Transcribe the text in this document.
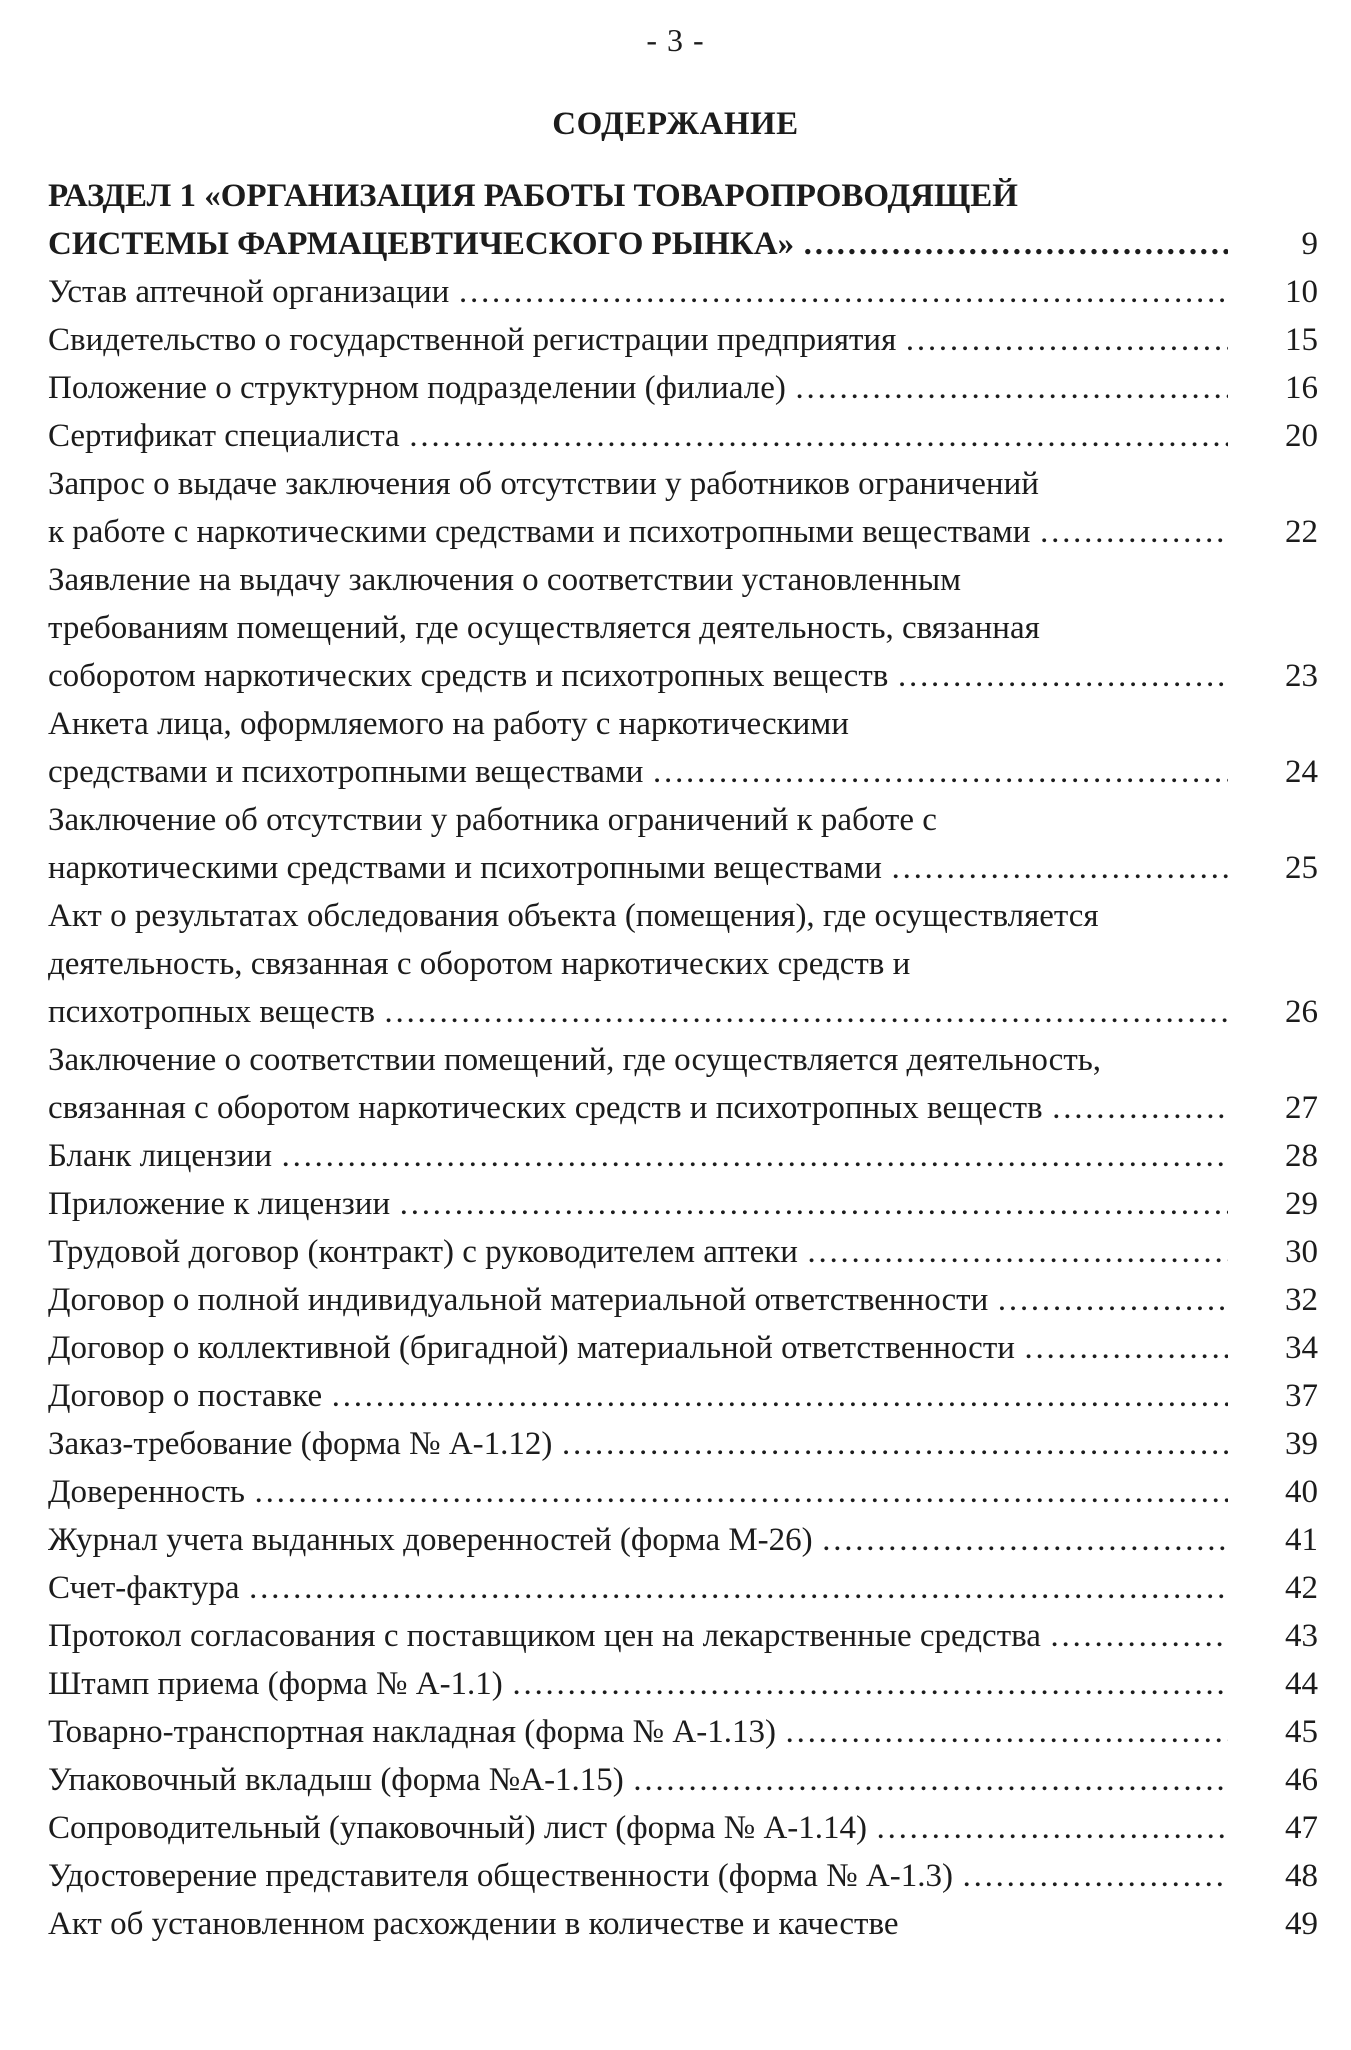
- 3 -
СОДЕРЖАНИЕ
РАЗДЕЛ 1 «ОРГАНИЗАЦИЯ РАБОТЫ ТОВАРОПРОВОДЯЩЕЙ
СИСТЕМЫ ФАРМАЦЕВТИЧЕСКОГО РЫНКА» ……………………………………………………………………………………………………………………………………………………………………	9
Устав аптечной организации ……………………………………………………………………………………………………………………………………………………………………	10
Свидетельство о государственной регистрации предприятия ……………………………………………………………………………………………………………………………………………………………………	15
Положение о структурном подразделении (филиале) ……………………………………………………………………………………………………………………………………………………………………	16
Сертификат специалиста ……………………………………………………………………………………………………………………………………………………………………	20
Запрос о выдаче заключения об отсутствии у работников ограничений
к работе с наркотическими средствами и психотропными веществами ……………………………………………………………………………………………………………………………………………………………………	22
Заявление на выдачу заключения о соответствии установленным
требованиям помещений, где осуществляется деятельность, связанная
соборотом наркотических средств и психотропных веществ ……………………………………………………………………………………………………………………………………………………………………	23
Анкета лица, оформляемого на работу с наркотическими
средствами и психотропными веществами ……………………………………………………………………………………………………………………………………………………………………	24
Заключение об отсутствии у работника ограничений к работе с
наркотическими средствами и психотропными веществами ……………………………………………………………………………………………………………………………………………………………………	25
Акт о результатах обследования объекта (помещения), где осуществляется
деятельность, связанная с оборотом наркотических средств и
психотропных веществ ……………………………………………………………………………………………………………………………………………………………………	26
Заключение о соответствии помещений, где осуществляется деятельность,
связанная с оборотом наркотических средств и психотропных веществ ……………………………………………………………………………………………………………………………………………………………………	27
Бланк лицензии ……………………………………………………………………………………………………………………………………………………………………	28
Приложение к лицензии ……………………………………………………………………………………………………………………………………………………………………	29
Трудовой договор (контракт) с руководителем аптеки ……………………………………………………………………………………………………………………………………………………………………	30
Договор о полной индивидуальной материальной ответственности ……………………………………………………………………………………………………………………………………………………………………	32
Договор о коллективной (бригадной) материальной ответственности ……………………………………………………………………………………………………………………………………………………………………	34
Договор о поставке ……………………………………………………………………………………………………………………………………………………………………	37
Заказ-требование (форма № А-1.12) ……………………………………………………………………………………………………………………………………………………………………	39
Доверенность ……………………………………………………………………………………………………………………………………………………………………	40
Журнал учета выданных доверенностей (форма М-26) ……………………………………………………………………………………………………………………………………………………………………	41
Счет-фактура ……………………………………………………………………………………………………………………………………………………………………	42
Протокол согласования с поставщиком цен на лекарственные средства ……………………………………………………………………………………………………………………………………………………………………	43
Штамп приема (форма № А-1.1) ……………………………………………………………………………………………………………………………………………………………………	44
Товарно-транспортная накладная (форма № А-1.13) ……………………………………………………………………………………………………………………………………………………………………	45
Упаковочный вкладыш (форма №А-1.15) ……………………………………………………………………………………………………………………………………………………………………	46
Сопроводительный (упаковочный) лист (форма № А-1.14) ……………………………………………………………………………………………………………………………………………………………………	47
Удостоверение представителя общественности (форма № А-1.3) ……………………………………………………………………………………………………………………………………………………………………	48
Акт об установленном расхождении в количестве и качестве	49
